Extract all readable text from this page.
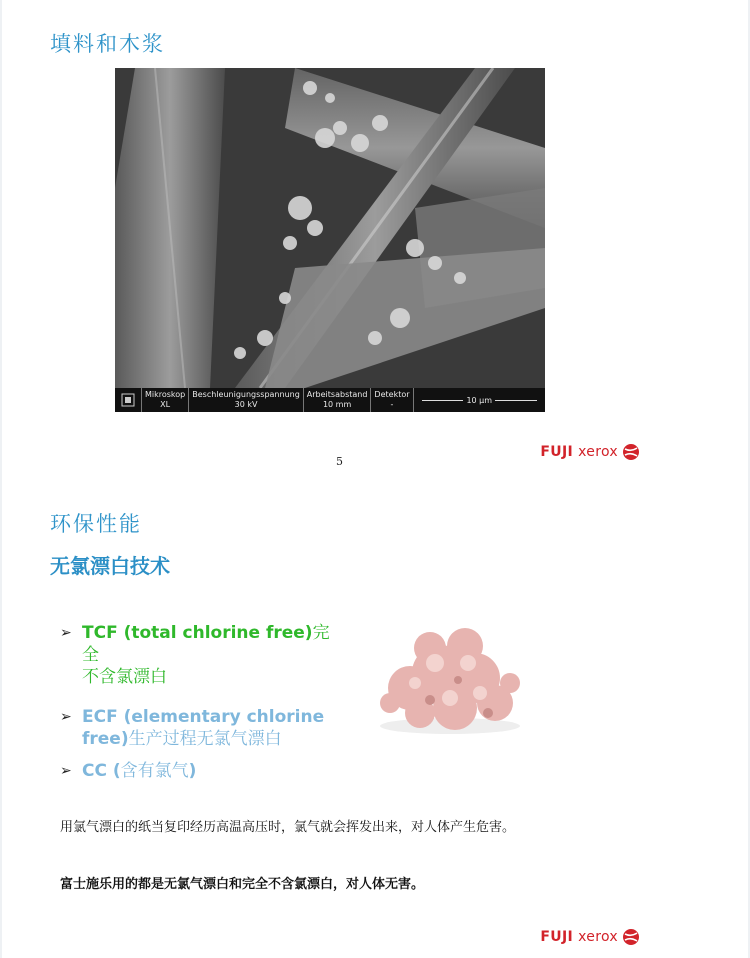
填料和木浆
Mikroskop
XL
Beschleunigungsspannung
30 kV
Arbeitsabstand
10 mm
Detektor
-	10 µm
5
FUJI xerox
环保性能
无氯漂白技术
➢ TCF (total chlorine free)完全
不含氯漂白
➢ ECF (elementary chlorine
free)生产过程无氯气漂白
➢ CC (含有氯气)
用氯气漂白的纸当复印经历高温高压时，氯气就会挥发出来，对人体产生危害。
富士施乐用的都是无氯气漂白和完全不含氯漂白，对人体无害。
FUJI xerox
